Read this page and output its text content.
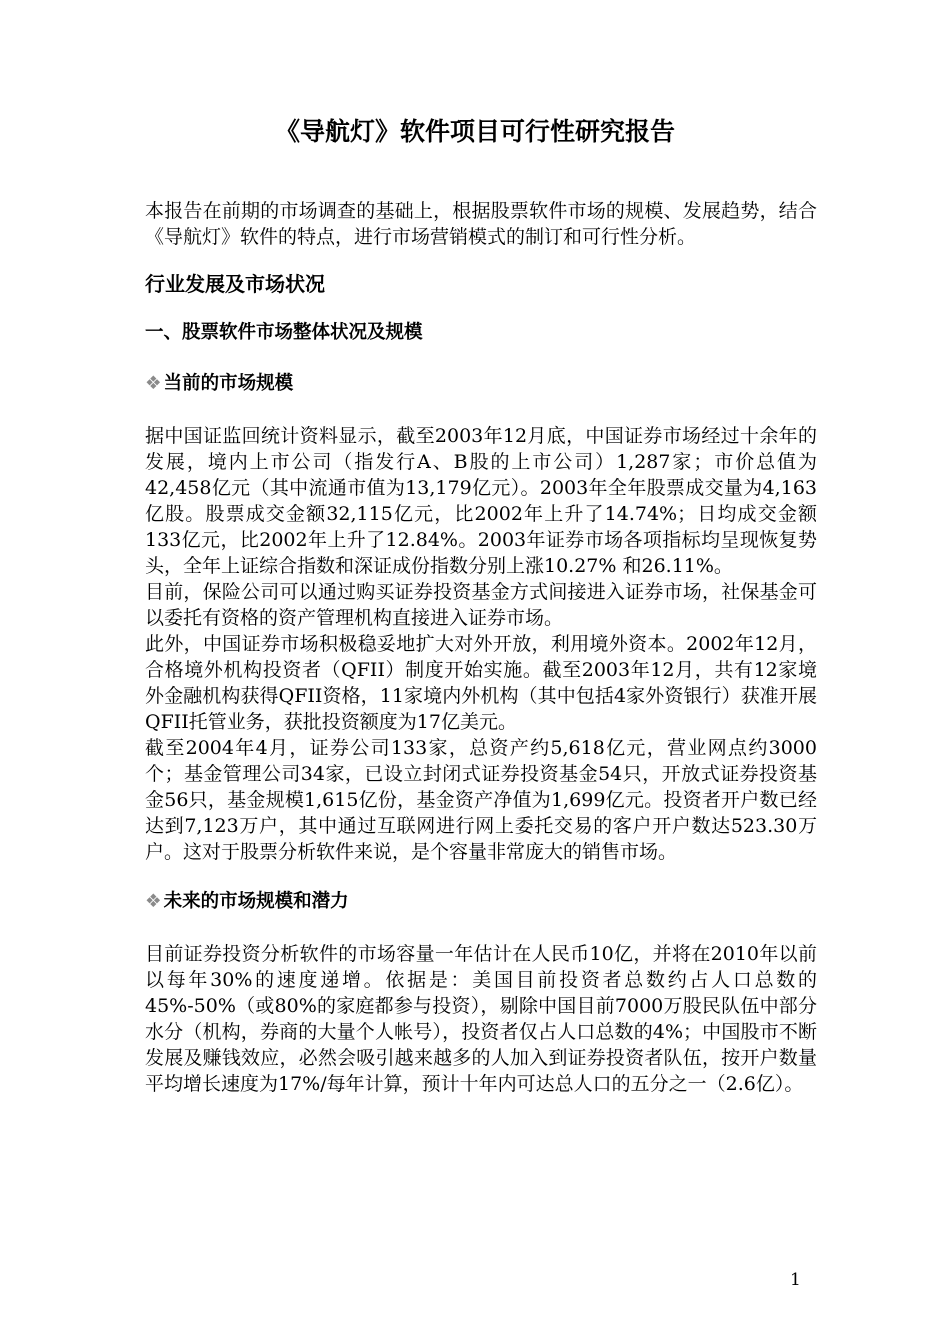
《导航灯》软件项目可行性研究报告

本报告在前期的市场调查的基础上，根据股票软件市场的规模、发展趋势，结合《导航灯》软件的特点，进行市场营销模式的制订和可行性分析。

行业发展及市场状况
一、股票软件市场整体状况及规模
❖ 当前的市场规模

据中国证监回统计资料显示，截至2003年12月底，中国证券市场经过十余年的发展，境内上市公司（指发行A、B股的上市公司）1,287家；市价总值为42,458亿元（其中流通市值为13,179亿元）。2003年全年股票成交量为4,163亿股。股票成交金额32,115亿元，比2002年上升了14.74%；日均成交金额133亿元，比2002年上升了12.84%。2003年证券市场各项指标均呈现恢复势头，全年上证综合指数和深证成份指数分别上涨10.27% 和26.11%。

目前，保险公司可以通过购买证券投资基金方式间接进入证券市场，社保基金可以委托有资格的资产管理机构直接进入证券市场。

此外，中国证券市场积极稳妥地扩大对外开放，利用境外资本。2002年12月，合格境外机构投资者（QFII）制度开始实施。截至2003年12月，共有12家境外金融机构获得QFII资格，11家境内外机构（其中包括4家外资银行）获准开展QFII托管业务，获批投资额度为17亿美元。

截至2004年4月，证券公司133家，总资产约5,618亿元，营业网点约3000个；基金管理公司34家，已设立封闭式证券投资基金54只，开放式证券投资基金56只，基金规模1,615亿份，基金资产净值为1,699亿元。投资者开户数已经达到7,123万户，其中通过互联网进行网上委托交易的客户开户数达523.30万户。这对于股票分析软件来说，是个容量非常庞大的销售市场。

❖ 未来的市场规模和潜力

目前证券投资分析软件的市场容量一年估计在人民币10亿，并将在2010年以前以每年30%的速度递增。依据是：美国目前投资者总数约占人口总数的45%-50%（或80%的家庭都参与投资），剔除中国目前7000万股民队伍中部分水分（机构，券商的大量个人帐号），投资者仅占人口总数的4%；中国股市不断发展及赚钱效应，必然会吸引越来越多的人加入到证券投资者队伍，按开户数量平均增长速度为17%/每年计算，预计十年内可达总人口的五分之一（2.6亿）。

1
